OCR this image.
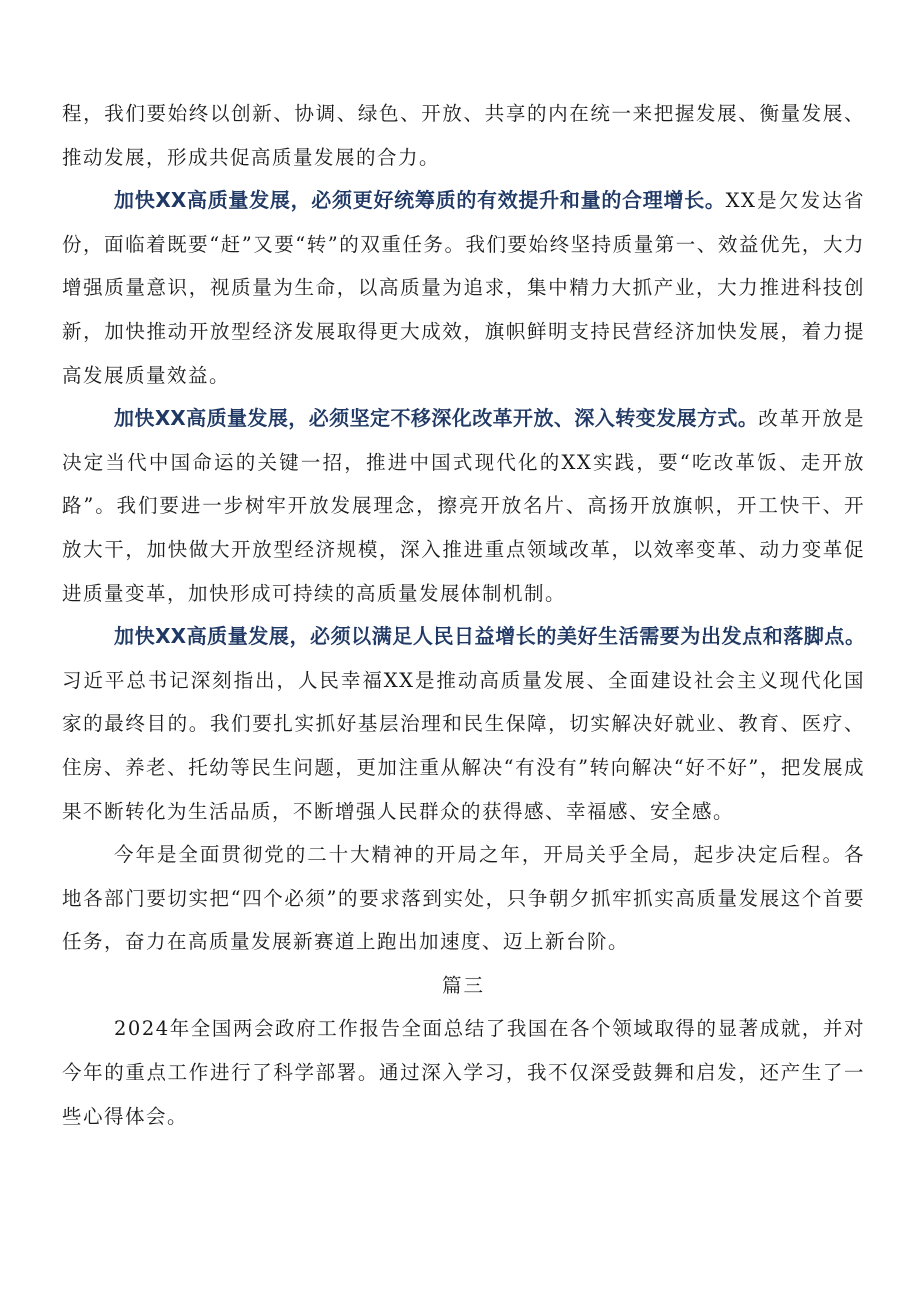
程，我们要始终以创新、协调、绿色、开放、共享的内在统一来把握发展、衡量发展、推动发展，形成共促高质量发展的合力。

加快XX高质量发展，必须更好统筹质的有效提升和量的合理增长。XX是欠发达省份，面临着既要“赶”又要“转”的双重任务。我们要始终坚持质量第一、效益优先，大力增强质量意识，视质量为生命，以高质量为追求，集中精力大抓产业，大力推进科技创新，加快推动开放型经济发展取得更大成效，旗帜鲜明支持民营经济加快发展，着力提高发展质量效益。

加快XX高质量发展，必须坚定不移深化改革开放、深入转变发展方式。改革开放是决定当代中国命运的关键一招，推进中国式现代化的XX实践，要“吃改革饭、走开放路”。我们要进一步树牢开放发展理念，擦亮开放名片、高扬开放旗帜，开工快干、开放大干，加快做大开放型经济规模，深入推进重点领域改革，以效率变革、动力变革促进质量变革，加快形成可持续的高质量发展体制机制。

加快XX高质量发展，必须以满足人民日益增长的美好生活需要为出发点和落脚点。习近平总书记深刻指出，人民幸福XX是推动高质量发展、全面建设社会主义现代化国家的最终目的。我们要扎实抓好基层治理和民生保障，切实解决好就业、教育、医疗、住房、养老、托幼等民生问题，更加注重从解决“有没有”转向解决“好不好”，把发展成果不断转化为生活品质，不断增强人民群众的获得感、幸福感、安全感。

今年是全面贯彻党的二十大精神的开局之年，开局关乎全局，起步决定后程。各地各部门要切实把“四个必须”的要求落到实处，只争朝夕抓牢抓实高质量发展这个首要任务，奋力在高质量发展新赛道上跑出加速度、迈上新台阶。

篇三

2024年全国两会政府工作报告全面总结了我国在各个领域取得的显著成就，并对今年的重点工作进行了科学部署。通过深入学习，我不仅深受鼓舞和启发，还产生了一些心得体会。
